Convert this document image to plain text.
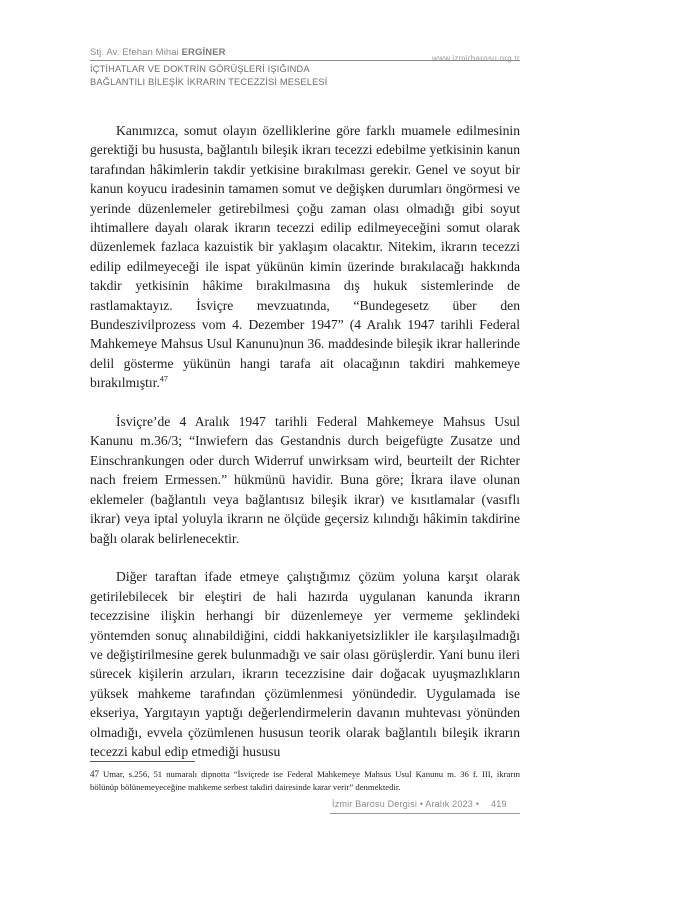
Stj. Av. Efehan Mihai ERGİNER
www.izmirbarosu.org.tr
İÇTİHATLAR VE DOKTRİN GÖRÜŞLERİ IŞIĞINDA
BAĞLANTILI BİLEŞİK İKRARIN TECEZZİSİ MESELESİ

Kanımızca, somut olayın özelliklerine göre farklı muamele edilmesinin gerektiği bu hususta, bağlantılı bileşik ikrarı tecezzi edebilme yetkisinin kanun tarafından hâkimlerin takdir yetkisine bırakılması gerekir. Genel ve soyut bir kanun koyucu iradesinin tamamen somut ve değişken durumları öngörmesi ve yerinde düzenlemeler getirebilmesi çoğu zaman olası olmadığı gibi soyut ihtimallere dayalı olarak ikrarın tecezzi edilip edilmeyeceğini somut olarak düzenlemek fazlaca kazuistik bir yaklaşım olacaktır. Nitekim, ikrarın tecezzi edilip edilmeyeceği ile ispat yükünün kimin üzerinde bırakılacağı hakkında takdir yetkisinin hâkime bırakılmasına dış hukuk sistemlerinde de rastlamaktayız. İsviçre mevzuatında, “Bundegesetz über den Bundeszivilprozess vom 4. Dezember 1947” (4 Aralık 1947 tarihli Federal Mahkemeye Mahsus Usul Kanunu)nun 36. maddesinde bileşik ikrar hallerinde delil gösterme yükünün hangi tarafa ait olacağının takdiri mahkemeye bırakılmıştır.$^{47}$

İsviçre’de 4 Aralık 1947 tarihli Federal Mahkemeye Mahsus Usul Kanunu m.36/3; “Inwiefern das Gestandnis durch beigefügte Zusatze und Einschrankungen oder durch Widerruf unwirksam wird, beurteilt der Richter nach freiem Ermessen.” hükmünü havidir. Buna göre; İkrara ilave olunan eklemeler (bağlantılı veya bağlantısız bileşik ikrar) ve kısıtlamalar (vasıflı ikrar) veya iptal yoluyla ikrarın ne ölçüde geçersiz kılındığı hâkimin takdirine bağlı olarak belirlenecektir.

Diğer taraftan ifade etmeye çalıştığımız çözüm yoluna karşıt olarak getirilebilecek bir eleştiri de hali hazırda uygulanan kanunda ikrarın tecezzisine ilişkin herhangi bir düzenlemeye yer vermeme şeklindeki yöntemden sonuç alınabildiğini, ciddi hakkaniyetsizlikler ile karşılaşılmadığı ve değiştirilmesine gerek bulunmadığı ve sair olası görüşlerdir. Yani bunu ileri sürecek kişilerin arzuları, ikrarın tecezzisine dair doğacak uyuşmazlıkların yüksek mahkeme tarafından çözümlenmesi yönündedir. Uygulamada ise ekseriya, Yargıtayın yaptığı değerlendirmelerin davanın muhtevası yönünden olmadığı, evvela çözümlenen hususun teorik olarak bağlantılı bileşik ikrarın tecezzi kabul edip etmediği hususu

47 Umar, s.256, 51 numaralı dipnotta “İsviçrede ise Federal Mahkemeye Mahsus Usul Kanunu m. 36 f. III, ikrarın bölünüp bölünemeyeceğine mahkeme serbest takdiri dairesinde karar verir” denmektedir.
İzmir Barosu Dergisi • Aralık 2023 • 419
